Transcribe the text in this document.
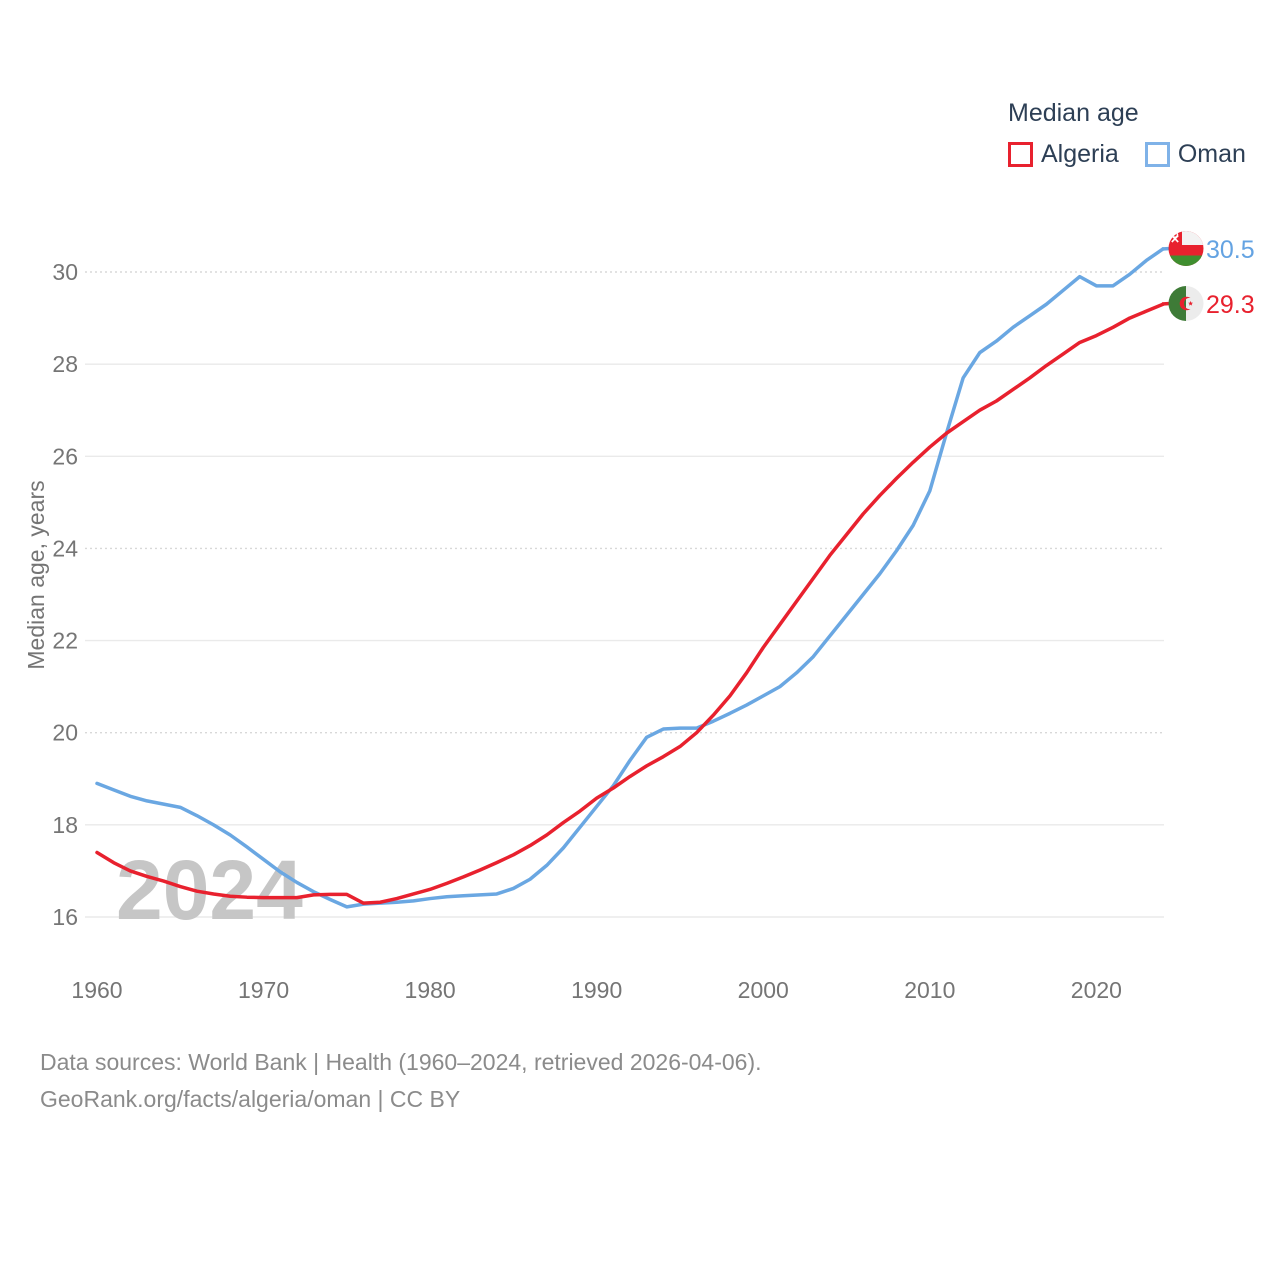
2024
16
18
20
22
24
26
28
30
1960	1970	1980	1990	2000	2010	2020
Median age, years
30.5
29.3
Median age
Algeria Oman
Data sources: World Bank | Health (1960–2024, retrieved 2026-04-06).
GeoRank.org/facts/algeria/oman | CC BY
